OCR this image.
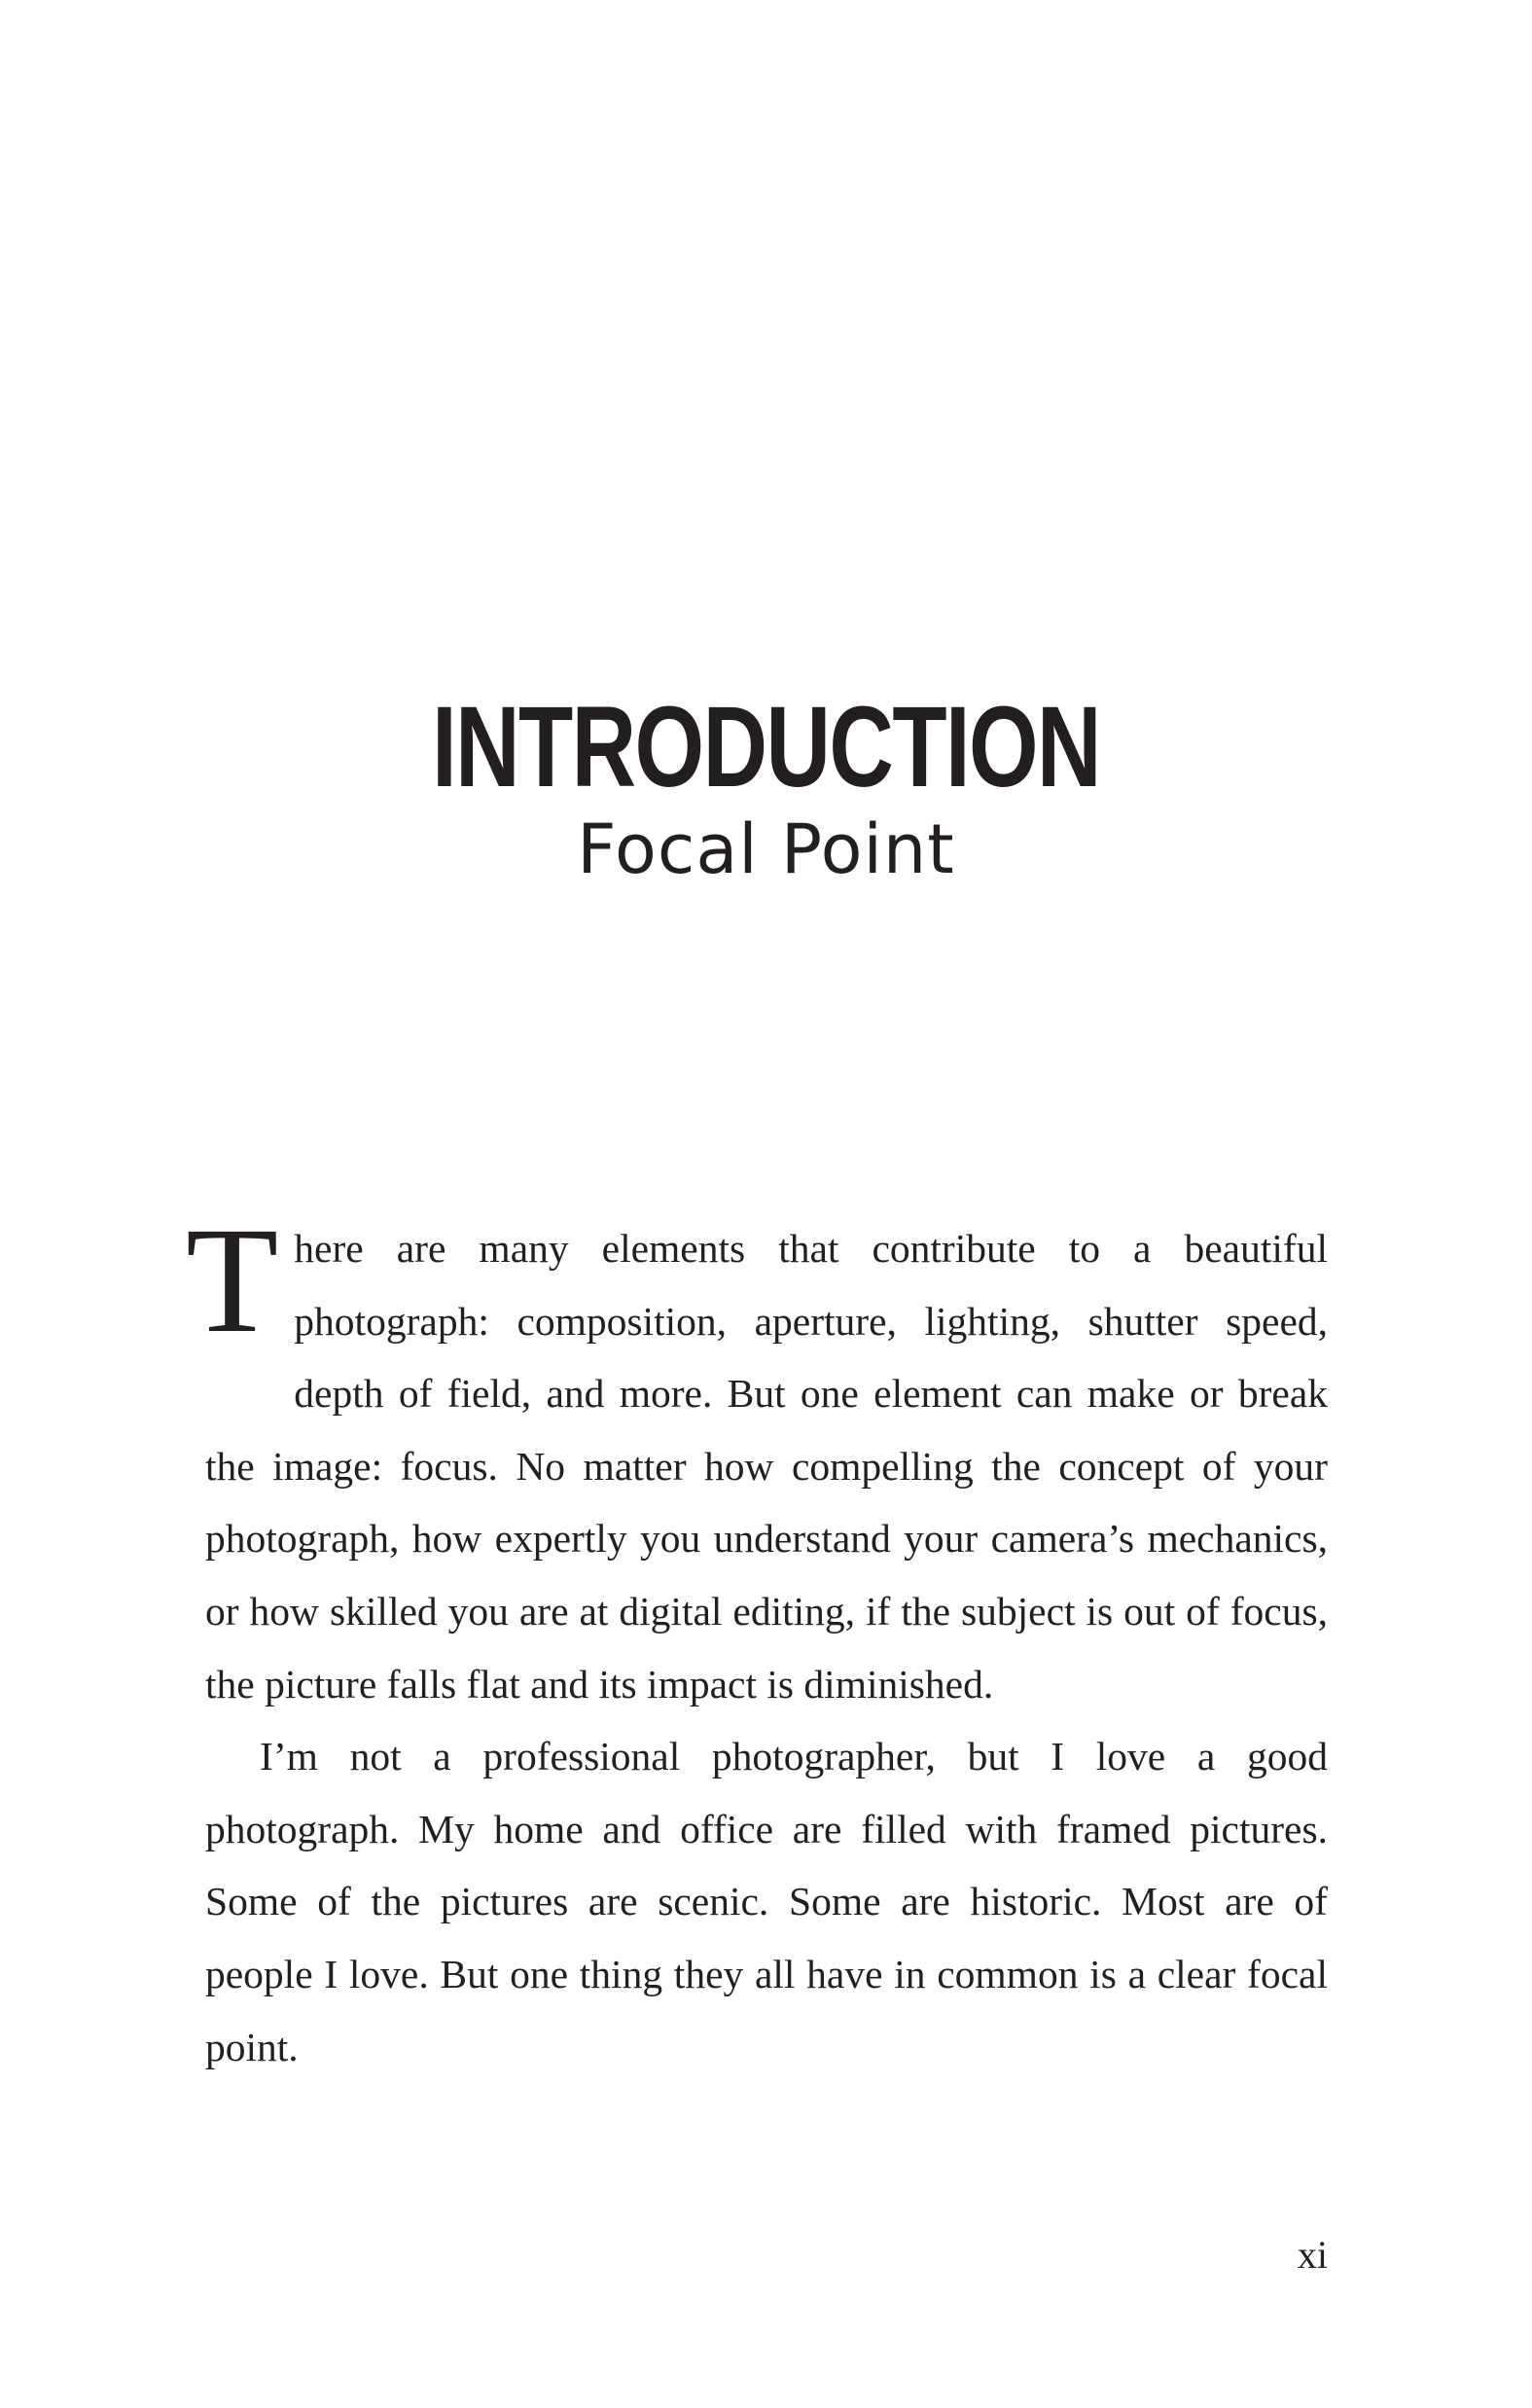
INTRODUCTION
Focal Point

There are many elements that contribute to a beautiful photograph: composition, aperture, lighting, shutter speed, depth of field, and more. But one element can make or break the image: focus. No matter how compelling the concept of your photograph, how expertly you understand your camera’s mechanics, or how skilled you are at digital editing, if the subject is out of focus, the picture falls flat and its impact is diminished.

I’m not a professional photographer, but I love a good photograph. My home and office are filled with framed pictures. Some of the pictures are scenic. Some are historic. Most are of people I love. But one thing they all have in common is a clear focal point.

xi
